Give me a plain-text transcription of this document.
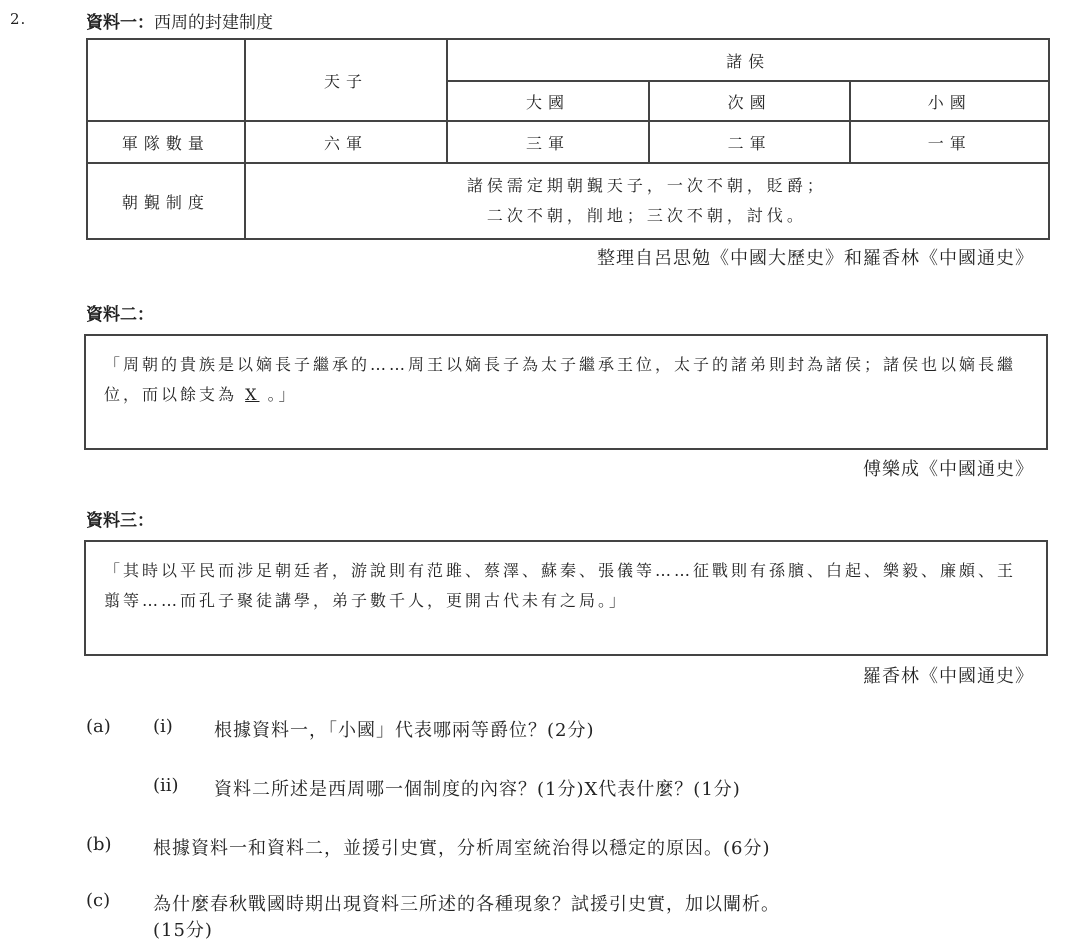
2.	資料一：西周的封建制度
	天子	諸侯		
		大國	次國	小國
軍隊數量	六軍	三軍	二軍	一軍
朝覲制度	諸侯需定期朝覲天子，一次不朝，貶爵；
二次不朝，削地；三次不朝，討伐。			
整理自呂思勉《中國大歷史》和羅香林《中國通史》
資料二：
「周朝的貴族是以嫡長子繼承的……周王以嫡長子為太子繼承王位，太子的諸弟則封為諸侯；諸侯也以嫡長繼位，而以餘支為 X 。」
傅樂成《中國通史》
資料三：
「其時以平民而涉足朝廷者，游說則有范雎、蔡澤、蘇秦、張儀等……征戰則有孫臏、白起、樂毅、廉頗、王翦等……而孔子聚徒講學，弟子數千人，更開古代未有之局。」
羅香林《中國通史》
(a) (i) 根據資料一，「小國」代表哪兩等爵位？(2分)
(ii) 資料二所述是西周哪一個制度的內容？(1分)X代表什麼？(1分)
(b) 根據資料一和資料二，並援引史實，分析周室統治得以穩定的原因。(6分)
(c) 為什麼春秋戰國時期出現資料三所述的各種現象？試援引史實，加以闡析。
(15分)
